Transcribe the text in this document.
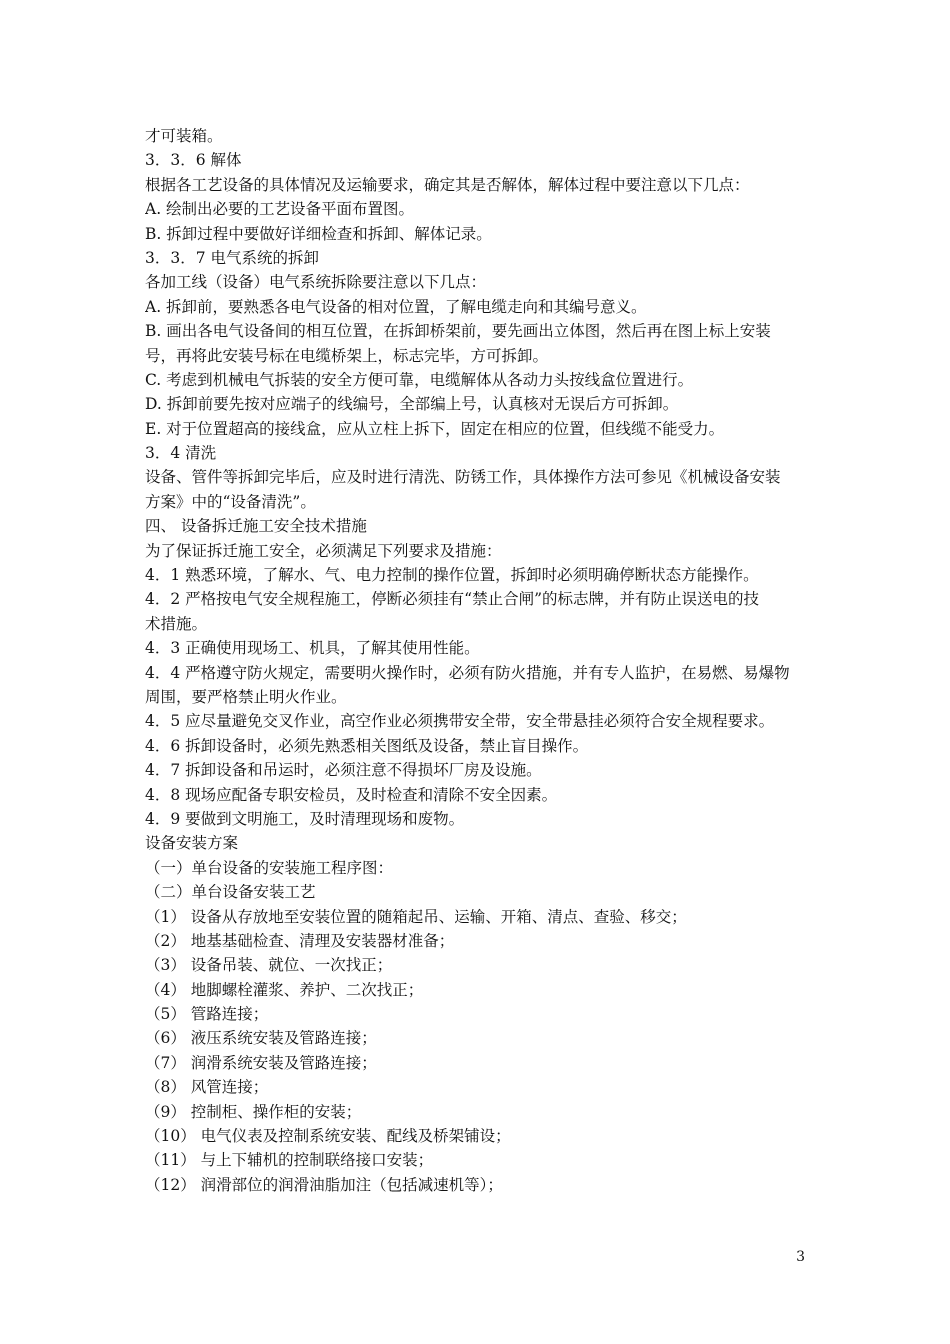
才可装箱。
3．3．6 解体
根据各工艺设备的具体情况及运输要求，确定其是否解体，解体过程中要注意以下几点：
A. 绘制出必要的工艺设备平面布置图。
B. 拆卸过程中要做好详细检查和拆卸、解体记录。
3．3．7 电气系统的拆卸
各加工线（设备）电气系统拆除要注意以下几点：
A. 拆卸前，要熟悉各电气设备的相对位置，了解电缆走向和其编号意义。
B. 画出各电气设备间的相互位置，在拆卸桥架前，要先画出立体图，然后再在图上标上安装
号，再将此安装号标在电缆桥架上，标志完毕，方可拆卸。
C. 考虑到机械电气拆装的安全方便可靠，电缆解体从各动力头按线盒位置进行。
D. 拆卸前要先按对应端子的线编号，全部编上号，认真核对无误后方可拆卸。
E. 对于位置超高的接线盒，应从立柱上拆下，固定在相应的位置，但线缆不能受力。
3．4 清洗
设备、管件等拆卸完毕后，应及时进行清洗、防锈工作，具体操作方法可参见《机械设备安装
方案》中的“设备清洗”。
四、 设备拆迁施工安全技术措施
为了保证拆迁施工安全，必须满足下列要求及措施：
4．1 熟悉环境，了解水、气、电力控制的操作位置，拆卸时必须明确停断状态方能操作。
4．2 严格按电气安全规程施工，停断必须挂有“禁止合闸”的标志牌，并有防止误送电的技
术措施。
4．3 正确使用现场工、机具，了解其使用性能。
4．4 严格遵守防火规定，需要明火操作时，必须有防火措施，并有专人监护，在易燃、易爆物
周围，要严格禁止明火作业。
4．5 应尽量避免交叉作业，高空作业必须携带安全带，安全带悬挂必须符合安全规程要求。
4．6 拆卸设备时，必须先熟悉相关图纸及设备，禁止盲目操作。
4．7 拆卸设备和吊运时，必须注意不得损坏厂房及设施。
4．8 现场应配备专职安检员，及时检查和清除不安全因素。
4．9 要做到文明施工，及时清理现场和废物。
设备安装方案
（一）单台设备的安装施工程序图：
（二）单台设备安装工艺
（1） 设备从存放地至安装位置的随箱起吊、运输、开箱、清点、查验、移交；
（2） 地基基础检查、清理及安装器材准备；
（3） 设备吊装、就位、一次找正；
（4） 地脚螺栓灌浆、养护、二次找正；
（5） 管路连接；
（6） 液压系统安装及管路连接；
（7） 润滑系统安装及管路连接；
（8） 风管连接；
（9） 控制柜、操作柜的安装；
（10） 电气仪表及控制系统安装、配线及桥架铺设；
（11） 与上下辅机的控制联络接口安装；
（12） 润滑部位的润滑油脂加注（包括减速机等）；
3
